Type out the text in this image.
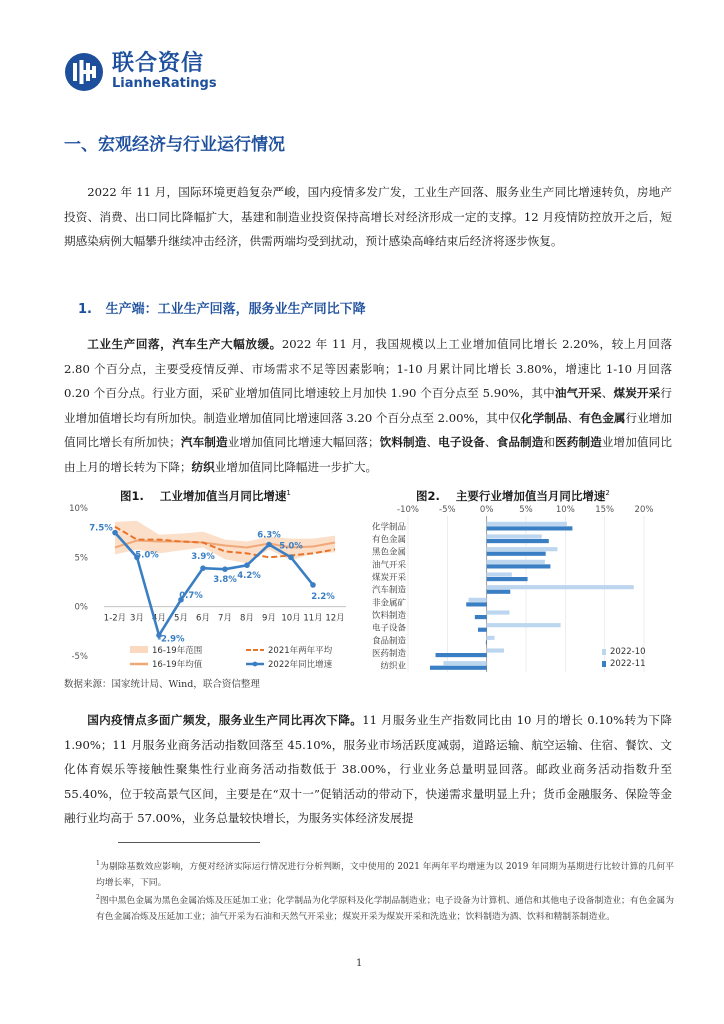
联合资信
LianheRatings
一、宏观经济与行业运行情况
2022 年 11 月，国际环境更趋复杂严峻，国内疫情多发广发，工业生产回落、服务业生产同比增速转负，房地产投资、消费、出口同比降幅扩大，基建和制造业投资保持高增长对经济形成一定的支撑。12 月疫情防控放开之后，短期感染病例大幅攀升继续冲击经济，供需两端均受到扰动，预计感染高峰结束后经济将逐步恢复。
1. 生产端：工业生产回落，服务业生产同比下降
工业生产回落，汽车生产大幅放缓。2022 年 11 月，我国规模以上工业增加值同比增长 2.20%，较上月回落 2.80 个百分点，主要受疫情反弹、市场需求不足等因素影响；1-10 月累计同比增长 3.80%，增速比 1-10 月回落 0.20 个百分点。行业方面，采矿业增加值同比增速较上月加快 1.90 个百分点至 5.90%，其中油气开采、煤炭开采行业增加值增长均有所加快。制造业增加值同比增速回落 3.20 个百分点至 2.00%，其中仅化学制品、有色金属行业增加值同比增长有所加快；汽车制造业增加值同比增速大幅回落；饮料制造、电子设备、食品制造和医药制造业增加值同比由上月的增长转为下降；纺织业增加值同比降幅进一步扩大。
图1. 工业增加值当月同比增速$^1$	图2. 主要行业增加值当月同比增速$^2$
10%
5%
0%
-5%
1-2月 3月 4月 5月 6月 7月 8月 9月 10月 11月 12月
7.5%
5.0%
-2.9%
0.7%
3.9%
3.8% 4.2%
6.3%
5.0%
2.2%
16-19年范围	2021年两年平均
16-19年均值	2022年同比增速
-10% -5%	0%	5%	10% 15% 20%
化学制品
有色金属
黑色金属
油气开采
煤炭开采
汽车制造
非金属矿
饮料制造
电子设备
食品制造
医药制造
纺织业
2022-10
2022-11
数据来源：国家统计局、Wind，联合资信整理
国内疫情点多面广频发，服务业生产同比再次下降。11 月服务业生产指数同比由 10 月的增长 0.10%转为下降 1.90%；11 月服务业商务活动指数回落至 45.10%，服务业市场活跃度减弱，道路运输、航空运输、住宿、餐饮、文化体育娱乐等接触性聚集性行业商务活动指数低于 38.00%，行业业务总量明显回落。邮政业商务活动指数升至 55.40%，位于较高景气区间，主要是在“双十一”促销活动的带动下，快递需求量明显上升；货币金融服务、保险等金融行业均高于 57.00%，业务总量较快增长，为服务实体经济发展提
$^1$为剔除基数效应影响，方便对经济实际运行情况进行分析判断，文中使用的 2021 年两年平均增速为以 2019 年同期为基期进行比较计算的几何平均增长率，下同。
$^2$图中黑色金属为黑色金属冶炼及压延加工业；化学制品为化学原料及化学制品制造业；电子设备为计算机、通信和其他电子设备制造业；有色金属为有色金属冶炼及压延加工业；油气开采为石油和天然气开采业；煤炭开采为煤炭开采和洗选业；饮料制造为酒、饮料和精制茶制造业。
1
